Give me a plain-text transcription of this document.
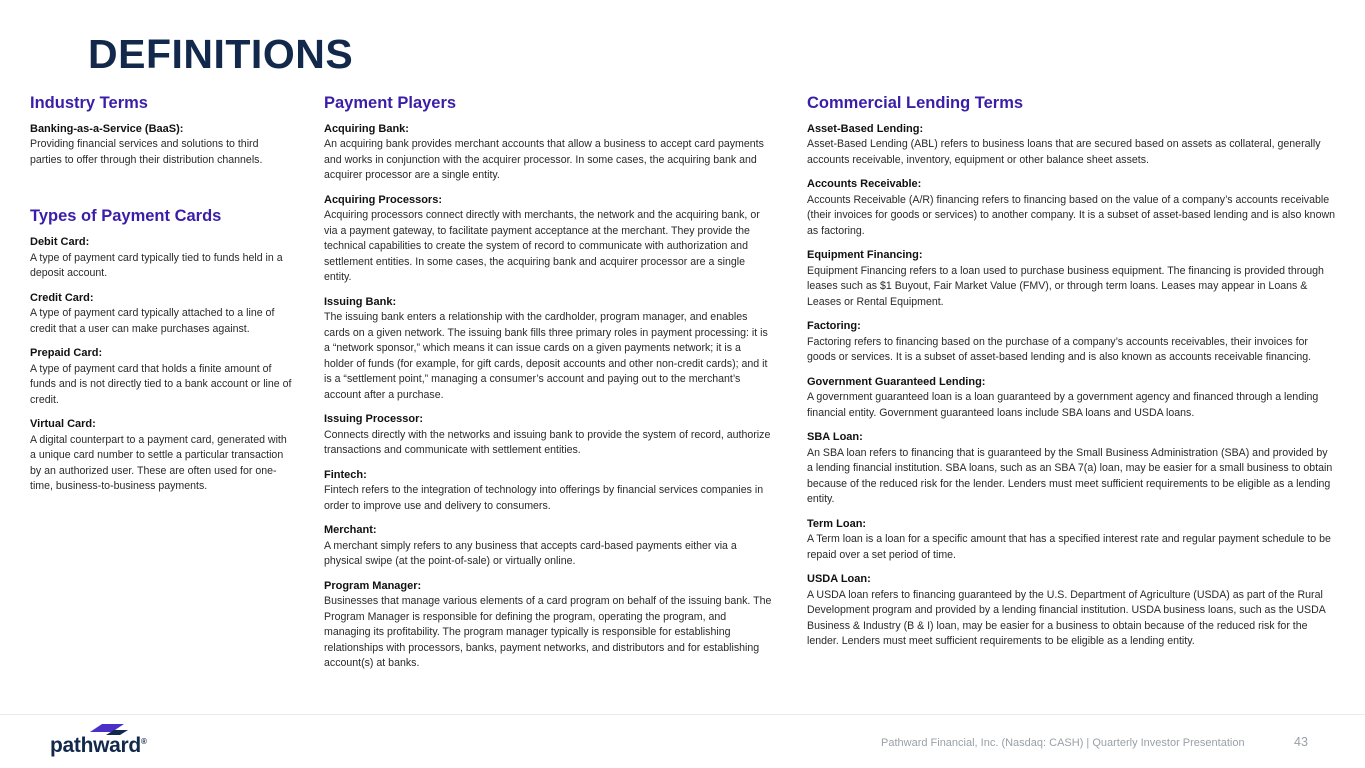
DEFINITIONS
Industry Terms
Banking-as-a-Service (BaaS):

Providing financial services and solutions to third parties to offer through their distribution channels.

Types of Payment Cards
Debit Card:

A type of payment card typically tied to funds held in a deposit account.

Credit Card:

A type of payment card typically attached to a line of credit that a user can make purchases against.

Prepaid Card:

A type of payment card that holds a finite amount of funds and is not directly tied to a bank account or line of credit.

Virtual Card:

A digital counterpart to a payment card, generated with a unique card number to settle a particular transaction by an authorized user. These are often used for one-time, business-to-business payments.

Payment Players
Acquiring Bank:

An acquiring bank provides merchant accounts that allow a business to accept card payments and works in conjunction with the acquirer processor. In some cases, the acquiring bank and acquirer processor are a single entity.

Acquiring Processors:

Acquiring processors connect directly with merchants, the network and the acquiring bank, or via a payment gateway, to facilitate payment acceptance at the merchant. They provide the technical capabilities to create the system of record to communicate with authorization and settlement entities. In some cases, the acquiring bank and acquirer processor are a single entity.

Issuing Bank:

The issuing bank enters a relationship with the cardholder, program manager, and enables cards on a given network. The issuing bank fills three primary roles in payment processing: it is a “network sponsor,” which means it can issue cards on a given payments network; it is a holder of funds (for example, for gift cards, deposit accounts and other non-credit cards); and it is a “settlement point,” managing a consumer’s account and paying out to the merchant’s account after a purchase.

Issuing Processor:

Connects directly with the networks and issuing bank to provide the system of record, authorize transactions and communicate with settlement entities.

Fintech:

Fintech refers to the integration of technology into offerings by financial services companies in order to improve use and delivery to consumers.

Merchant:

A merchant simply refers to any business that accepts card-based payments either via a physical swipe (at the point-of-sale) or virtually online.

Program Manager:

Businesses that manage various elements of a card program on behalf of the issuing bank. The Program Manager is responsible for defining the program, operating the program, and managing its profitability. The program manager typically is responsible for establishing relationships with processors, banks, payment networks, and distributors and for establishing account(s) at banks.

Commercial Lending Terms
Asset-Based Lending:

Asset-Based Lending (ABL) refers to business loans that are secured based on assets as collateral, generally accounts receivable, inventory, equipment or other balance sheet assets.

Accounts Receivable:

Accounts Receivable (A/R) financing refers to financing based on the value of a company’s accounts receivable (their invoices for goods or services) to another company. It is a subset of asset-based lending and is also known as factoring.

Equipment Financing:

Equipment Financing refers to a loan used to purchase business equipment. The financing is provided through leases such as $1 Buyout, Fair Market Value (FMV), or through term loans. Leases may appear in Loans & Leases or Rental Equipment.

Factoring:

Factoring refers to financing based on the purchase of a company’s accounts receivables, their invoices for goods or services. It is a subset of asset-based lending and is also known as accounts receivable financing.

Government Guaranteed Lending:

A government guaranteed loan is a loan guaranteed by a government agency and financed through a lending financial entity. Government guaranteed loans include SBA loans and USDA loans.

SBA Loan:

An SBA loan refers to financing that is guaranteed by the Small Business Administration (SBA) and provided by a lending financial institution. SBA loans, such as an SBA 7(a) loan, may be easier for a small business to obtain because of the reduced risk for the lender. Lenders must meet sufficient requirements to be eligible as a lending entity.

Term Loan:

A Term loan is a loan for a specific amount that has a specified interest rate and regular payment schedule to be repaid over a set period of time.

USDA Loan:

A USDA loan refers to financing guaranteed by the U.S. Department of Agriculture (USDA) as part of the Rural Development program and provided by a lending financial institution. USDA business loans, such as the USDA Business & Industry (B & I) loan, may be easier for a business to obtain because of the reduced risk for the lender. Lenders must meet sufficient requirements to be eligible as a lending entity.

pathward®	Pathward Financial, Inc. (Nasdaq: CASH) | Quarterly Investor Presentation	43
